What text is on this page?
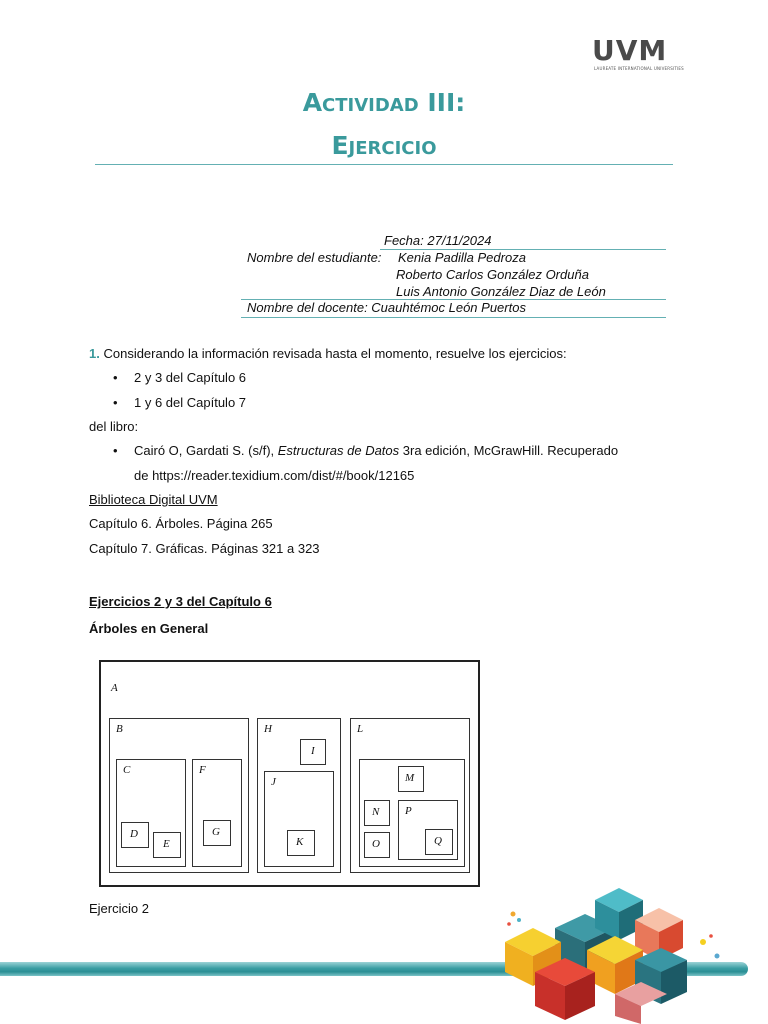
UVM
LAUREATE INTERNATIONAL UNIVERSITIES
Actividad III:
Ejercicio
Fecha: 27/11/2024
Nombre del estudiante: Kenia Padilla Pedroza
Roberto Carlos González Orduña
Luis Antonio González Diaz de León
Nombre del docente: Cuauhtémoc León Puertos
1. Considerando la información revisada hasta el momento, resuelve los ejercicios:
• 2 y 3 del Capítulo 6
• 1 y 6 del Capítulo 7
del libro:
• Cairó O, Gardati S. (s/f), Estructuras de Datos 3ra edición, McGrawHill. Recuperado
de https://reader.texidium.com/dist/#/book/12165
Biblioteca Digital UVM
Capítulo 6. Árboles. Página 265
Capítulo 7. Gráficas. Páginas 321 a 323
Ejercicios 2 y 3 del Capítulo 6
Árboles en General
A
B
C
D
E
F
G
H
I
J
K
L
M
N
O
P
Q
Ejercicio 2
